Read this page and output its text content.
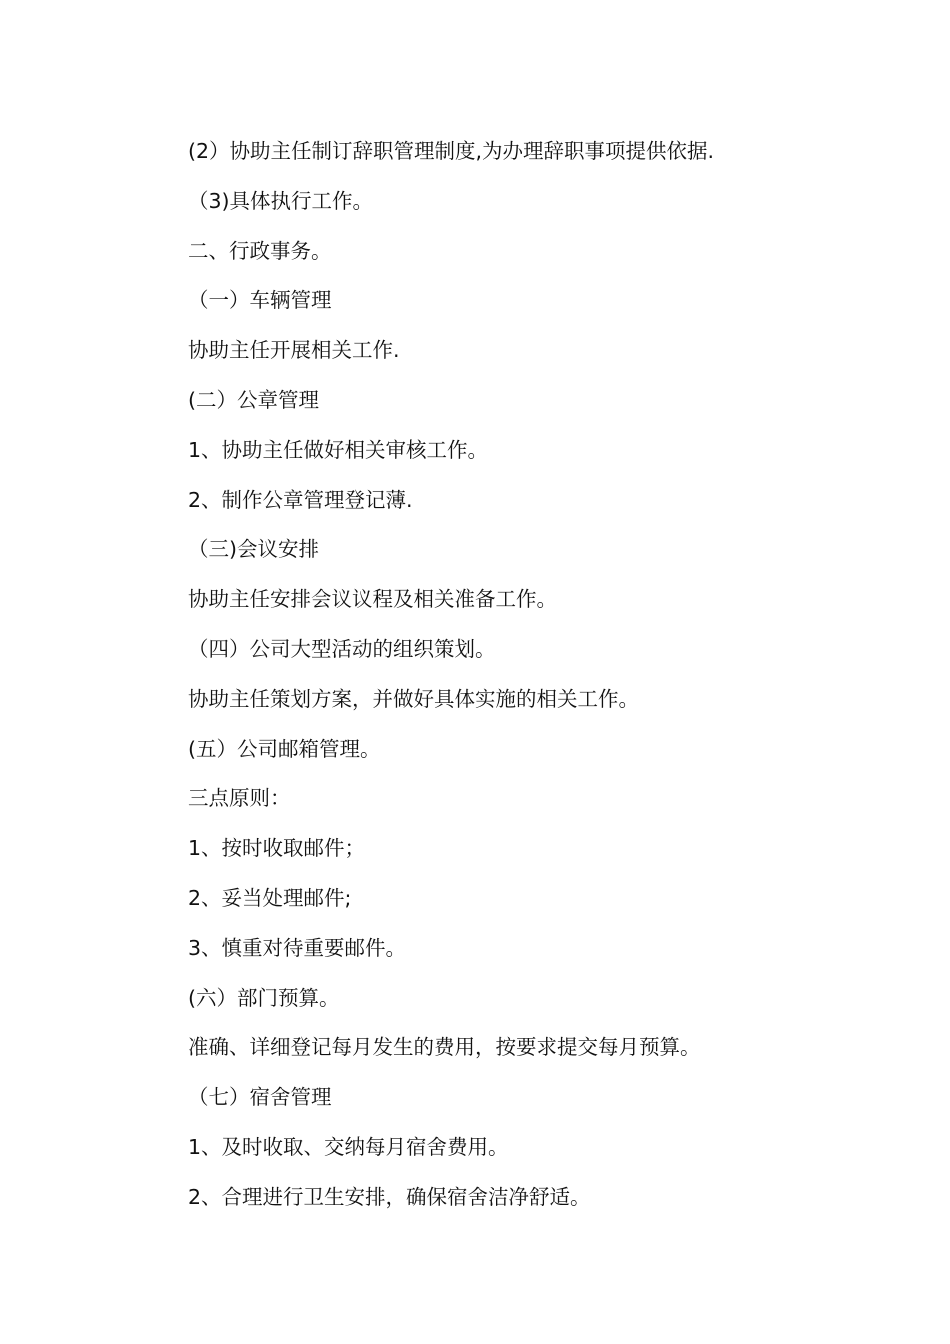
(2）协助主任制订辞职管理制度,为办理辞职事项提供依据.
（3)具体执行工作。
二、行政事务。
（一）车辆管理
协助主任开展相关工作.
(二）公章管理
1、协助主任做好相关审核工作。
2、制作公章管理登记薄.
（三)会议安排
协助主任安排会议议程及相关准备工作。
（四）公司大型活动的组织策划。
协助主任策划方案，并做好具体实施的相关工作。
(五）公司邮箱管理。
三点原则：
1、按时收取邮件；
2、妥当处理邮件;
3、慎重对待重要邮件。
(六）部门预算。
准确、详细登记每月发生的费用，按要求提交每月预算。
（七）宿舍管理
1、及时收取、交纳每月宿舍费用。
2、合理进行卫生安排，确保宿舍洁净舒适。
